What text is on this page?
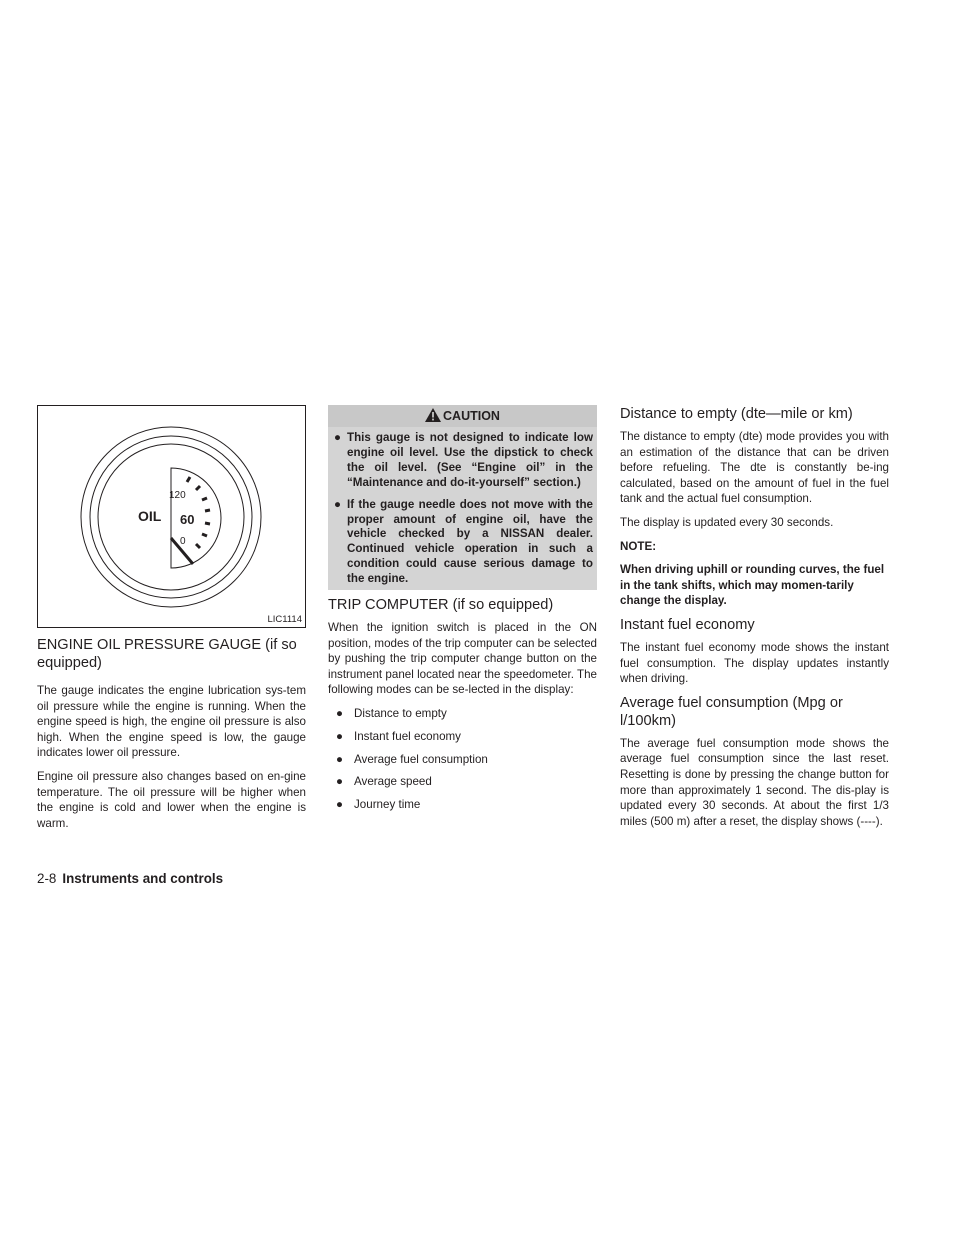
OIL
120
60
0
LIC1114
ENGINE OIL PRESSURE GAUGE (if so equipped)

The gauge indicates the engine lubrication sys-tem oil pressure while the engine is running. When the engine speed is high, the engine oil pressure is also high. When the engine speed is low, the gauge indicates lower oil pressure.

Engine oil pressure also changes based on en-gine temperature. The oil pressure will be higher when the engine is cold and lower when the engine is warm.

CAUTION
● This gauge is not designed to indicate low engine oil level. Use the dipstick to check the oil level. (See “Engine oil” in the “Maintenance and do-it-yourself” section.)
● If the gauge needle does not move with the proper amount of engine oil, have the vehicle checked by a NISSAN dealer. Continued vehicle operation in such a condition could cause serious damage to the engine.
TRIP COMPUTER (if so equipped)

When the ignition switch is placed in the ON position, modes of the trip computer can be selected by pushing the trip computer change button on the instrument panel located near the speedometer. The following modes can be se-lected in the display:

● Distance to empty
● Instant fuel economy
● Average fuel consumption
● Average speed
● Journey time
Distance to empty (dte—mile or km)

The distance to empty (dte) mode provides you with an estimation of the distance that can be driven before refueling. The dte is constantly be-ing calculated, based on the amount of fuel in the fuel tank and the actual fuel consumption.

The display is updated every 30 seconds.

NOTE:

When driving uphill or rounding curves, the fuel in the tank shifts, which may momen-tarily change the display.

Instant fuel economy

The instant fuel economy mode shows the instant fuel consumption. The display updates instantly when driving.

Average fuel consumption (Mpg or l/100km)

The average fuel consumption mode shows the average fuel consumption since the last reset. Resetting is done by pressing the change button for more than approximately 1 second. The dis-play is updated every 30 seconds. At about the first 1/3 miles (500 m) after a reset, the display shows (----).

2-8 Instruments and controls
